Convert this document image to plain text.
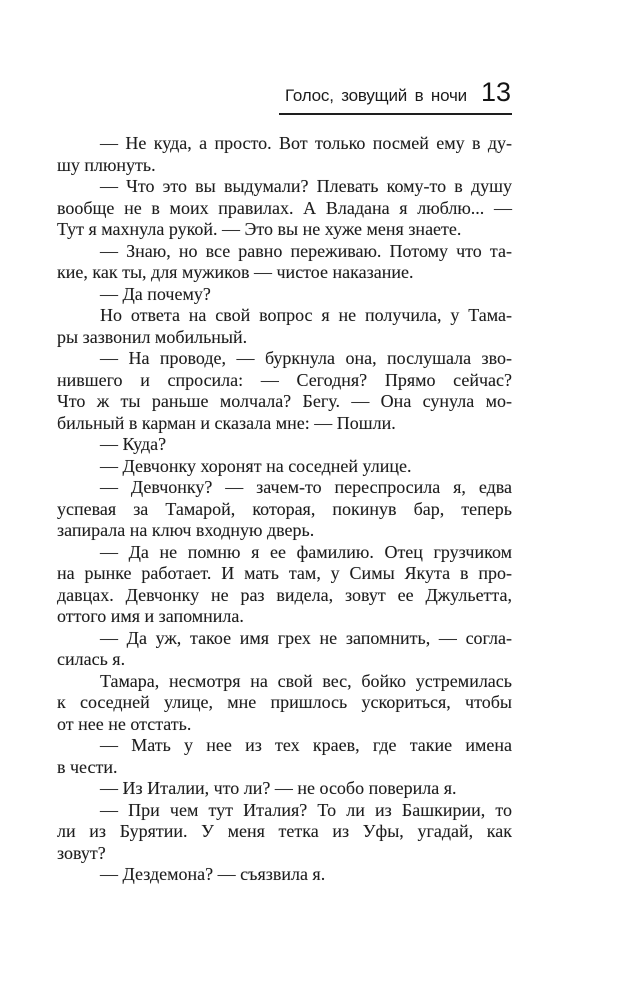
Голос, зовущий в ночи 13
— Не куда, а просто. Вот только посмей ему в ду-
шу плюнуть.
— Что это вы выдумали? Плевать кому-то в душу
вообще не в моих правилах. А Владана я люблю... —
Тут я махнула рукой. — Это вы не хуже меня знаете.
— Знаю, но все равно переживаю. Потому что та-
кие, как ты, для мужиков — чистое наказание.
— Да почему?
Но ответа на свой вопрос я не получила, у Тама-
ры зазвонил мобильный.
— На проводе, — буркнула она, послушала зво-
нившего и спросила: — Сегодня? Прямо сейчас?
Что ж ты раньше молчала? Бегу. — Она сунула мо-
бильный в карман и сказала мне: — Пошли.
— Куда?
— Девчонку хоронят на соседней улице.
— Девчонку? — зачем-то переспросила я, едва
успевая за Тамарой, которая, покинув бар, теперь
запирала на ключ входную дверь.
— Да не помню я ее фамилию. Отец грузчиком
на рынке работает. И мать там, у Симы Якута в про-
давцах. Девчонку не раз видела, зовут ее Джульетта,
оттого имя и запомнила.
— Да уж, такое имя грех не запомнить, — согла-
силась я.
Тамара, несмотря на свой вес, бойко устремилась
к соседней улице, мне пришлось ускориться, чтобы
от нее не отстать.
— Мать у нее из тех краев, где такие имена
в чести.
— Из Италии, что ли? — не особо поверила я.
— При чем тут Италия? То ли из Башкирии, то
ли из Бурятии. У меня тетка из Уфы, угадай, как
зовут?
— Дездемона? — съязвила я.
